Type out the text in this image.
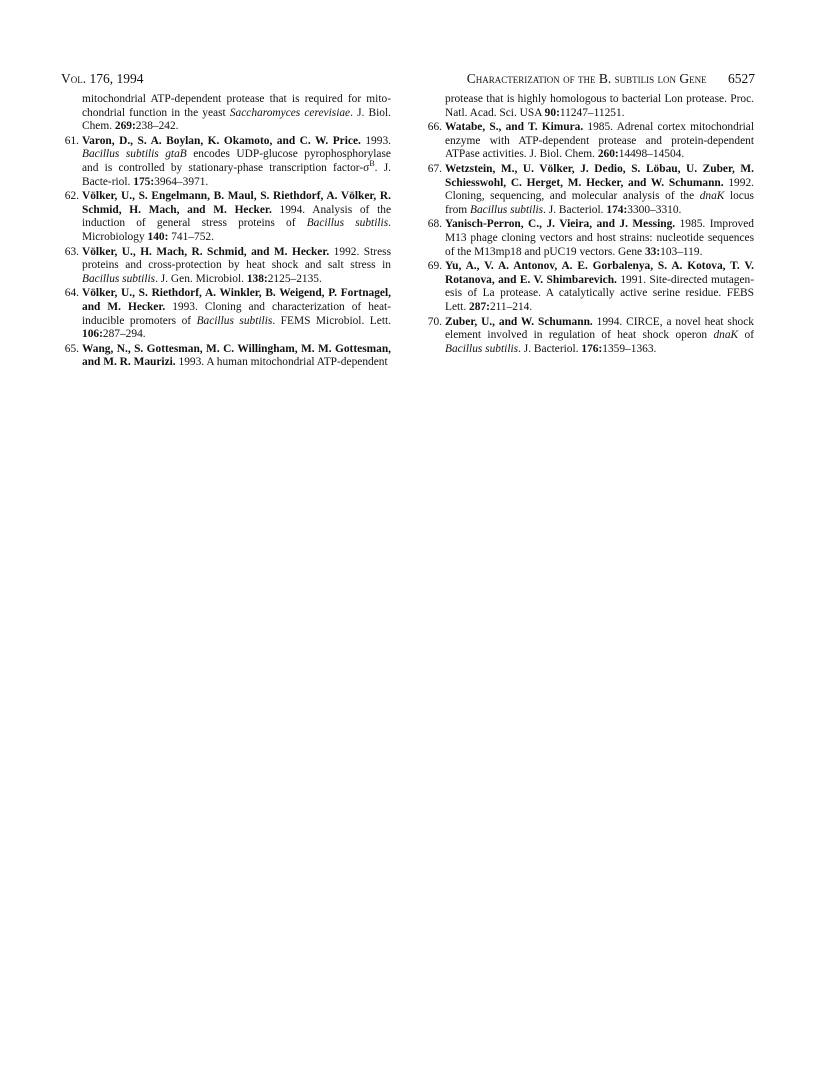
Vol. 176, 1994	Characterization of the B. subtilis lon Gene 6527

mitochondrial ATP-dependent protease that is required for mito-chondrial function in the yeast Saccharomyces cerevisiae. J. Biol. Chem. 269:238–242.

61. Varon, D., S. A. Boylan, K. Okamoto, and C. W. Price. 1993. Bacillus subtilis gtaB encodes UDP-glucose pyrophosphorylase and is controlled by stationary-phase transcription factor-$\sigma^B$. J. Bacte-riol. 175:3964–3971.

62. Völker, U., S. Engelmann, B. Maul, S. Riethdorf, A. Völker, R. Schmid, H. Mach, and M. Hecker. 1994. Analysis of the induction of general stress proteins of Bacillus subtilis. Microbiology 140: 741–752.

63. Völker, U., H. Mach, R. Schmid, and M. Hecker. 1992. Stress proteins and cross-protection by heat shock and salt stress in Bacillus subtilis. J. Gen. Microbiol. 138:2125–2135.

64. Völker, U., S. Riethdorf, A. Winkler, B. Weigend, P. Fortnagel, and M. Hecker. 1993. Cloning and characterization of heat-inducible promoters of Bacillus subtilis. FEMS Microbiol. Lett. 106:287–294.

65. Wang, N., S. Gottesman, M. C. Willingham, M. M. Gottesman, and M. R. Maurizi. 1993. A human mitochondrial ATP-dependent

protease that is highly homologous to bacterial Lon protease. Proc. Natl. Acad. Sci. USA 90:11247–11251.

66. Watabe, S., and T. Kimura. 1985. Adrenal cortex mitochondrial enzyme with ATP-dependent protease and protein-dependent ATPase activities. J. Biol. Chem. 260:14498–14504.

67. Wetzstein, M., U. Völker, J. Dedio, S. Löbau, U. Zuber, M. Schiesswohl, C. Herget, M. Hecker, and W. Schumann. 1992. Cloning, sequencing, and molecular analysis of the dnaK locus from Bacillus subtilis. J. Bacteriol. 174:3300–3310.

68. Yanisch-Perron, C., J. Vieira, and J. Messing. 1985. Improved M13 phage cloning vectors and host strains: nucleotide sequences of the M13mp18 and pUC19 vectors. Gene 33:103–119.

69. Yu, A., V. A. Antonov, A. E. Gorbalenya, S. A. Kotova, T. V. Rotanova, and E. V. Shimbarevich. 1991. Site-directed mutagen-esis of La protease. A catalytically active serine residue. FEBS Lett. 287:211–214.

70. Zuber, U., and W. Schumann. 1994. CIRCE, a novel heat shock element involved in regulation of heat shock operon dnaK of Bacillus subtilis. J. Bacteriol. 176:1359–1363.
